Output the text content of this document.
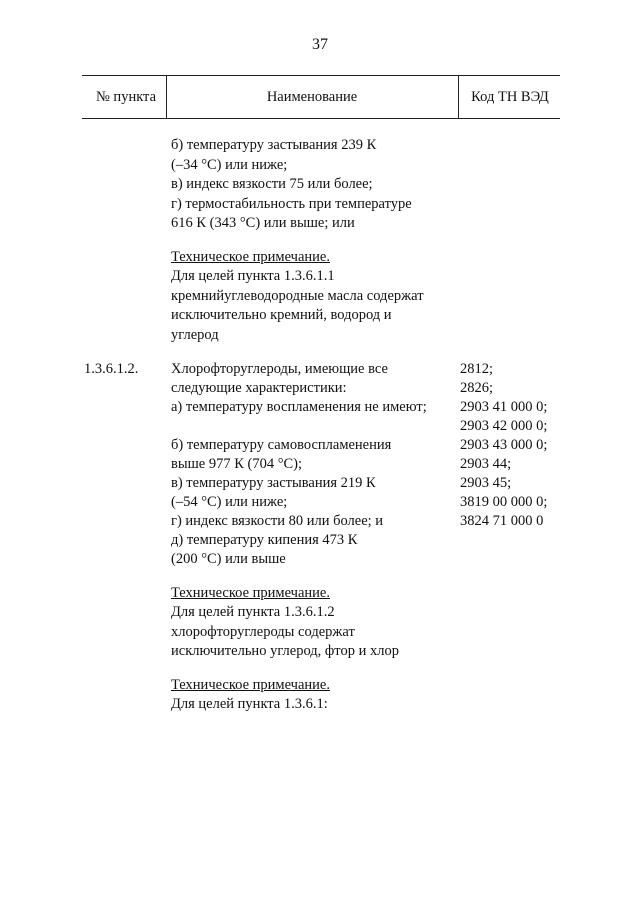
37
№ пункта	Наименование	Код ТН ВЭД
б) температуру застывания 239 К
(–34 °С) или ниже;
в) индекс вязкости 75 или более;
г) термостабильность при температуре
616 К (343 °С) или выше; или
Техническое примечание.
Для целей пункта 1.3.6.1.1
кремнийуглеводородные масла содержат
исключительно кремний, водород и
углерод
1.3.6.1.2. Хлорофторуглероды, имеющие все
следующие характеристики:
а) температуру воспламенения не имеют;
б) температуру самовоспламенения
выше 977 К (704 °С);
в) температуру застывания 219 К
(–54 °С) или ниже;
г) индекс вязкости 80 или более; и
д) температуру кипения 473 К
(200 °С) или выше
2812;
2826;
2903 41 000 0;
2903 42 000 0;
2903 43 000 0;
2903 44;
2903 45;
3819 00 000 0;
3824 71 000 0
Техническое примечание.
Для целей пункта 1.3.6.1.2
хлорофторуглероды содержат
исключительно углерод, фтор и хлор
Техническое примечание.
Для целей пункта 1.3.6.1:
